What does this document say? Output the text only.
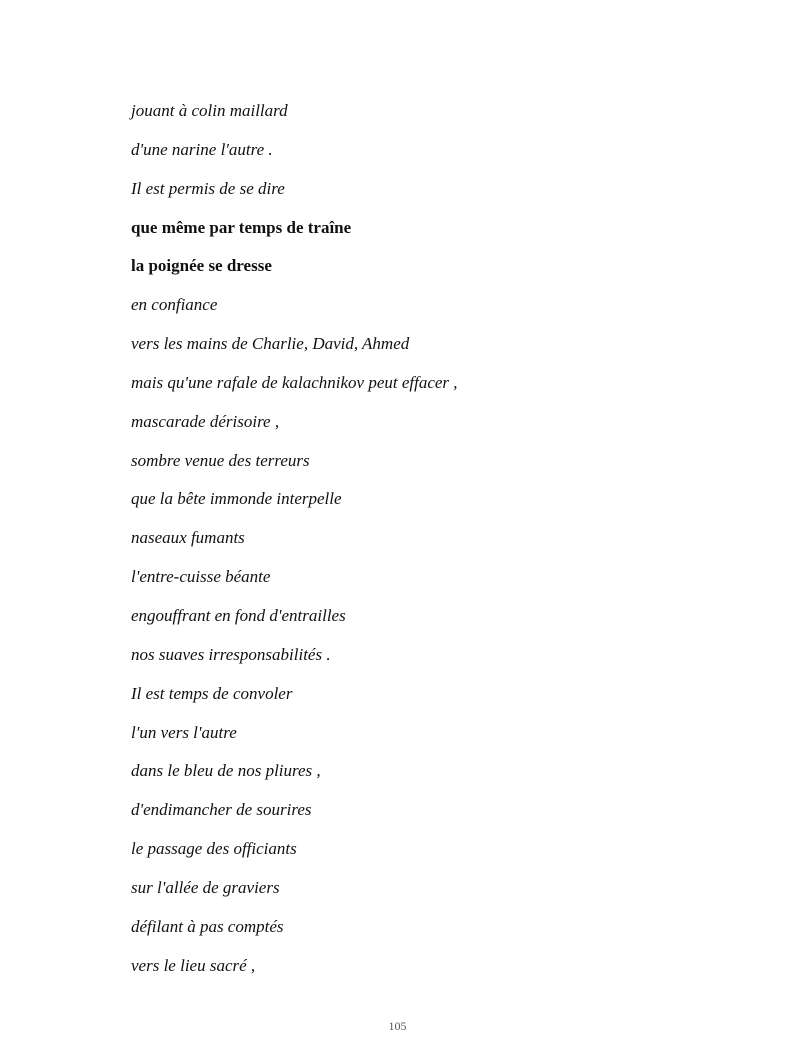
jouant à colin maillard
d'une narine l'autre .
Il est permis de se dire
que même par temps de traîne
la poignée se dresse
en confiance
vers les mains de Charlie, David, Ahmed
mais qu'une rafale de kalachnikov peut effacer ,
mascarade dérisoire ,
sombre venue des terreurs
que la bête immonde interpelle
naseaux fumants
l'entre-cuisse béante
engouffrant en fond d'entrailles
nos suaves irresponsabilités .
Il est temps de convoler
l'un vers l'autre
dans le bleu de nos pliures ,
d'endimancher de sourires
le passage des officiants
sur l'allée de graviers
défilant à pas comptés
vers le lieu sacré ,
105
